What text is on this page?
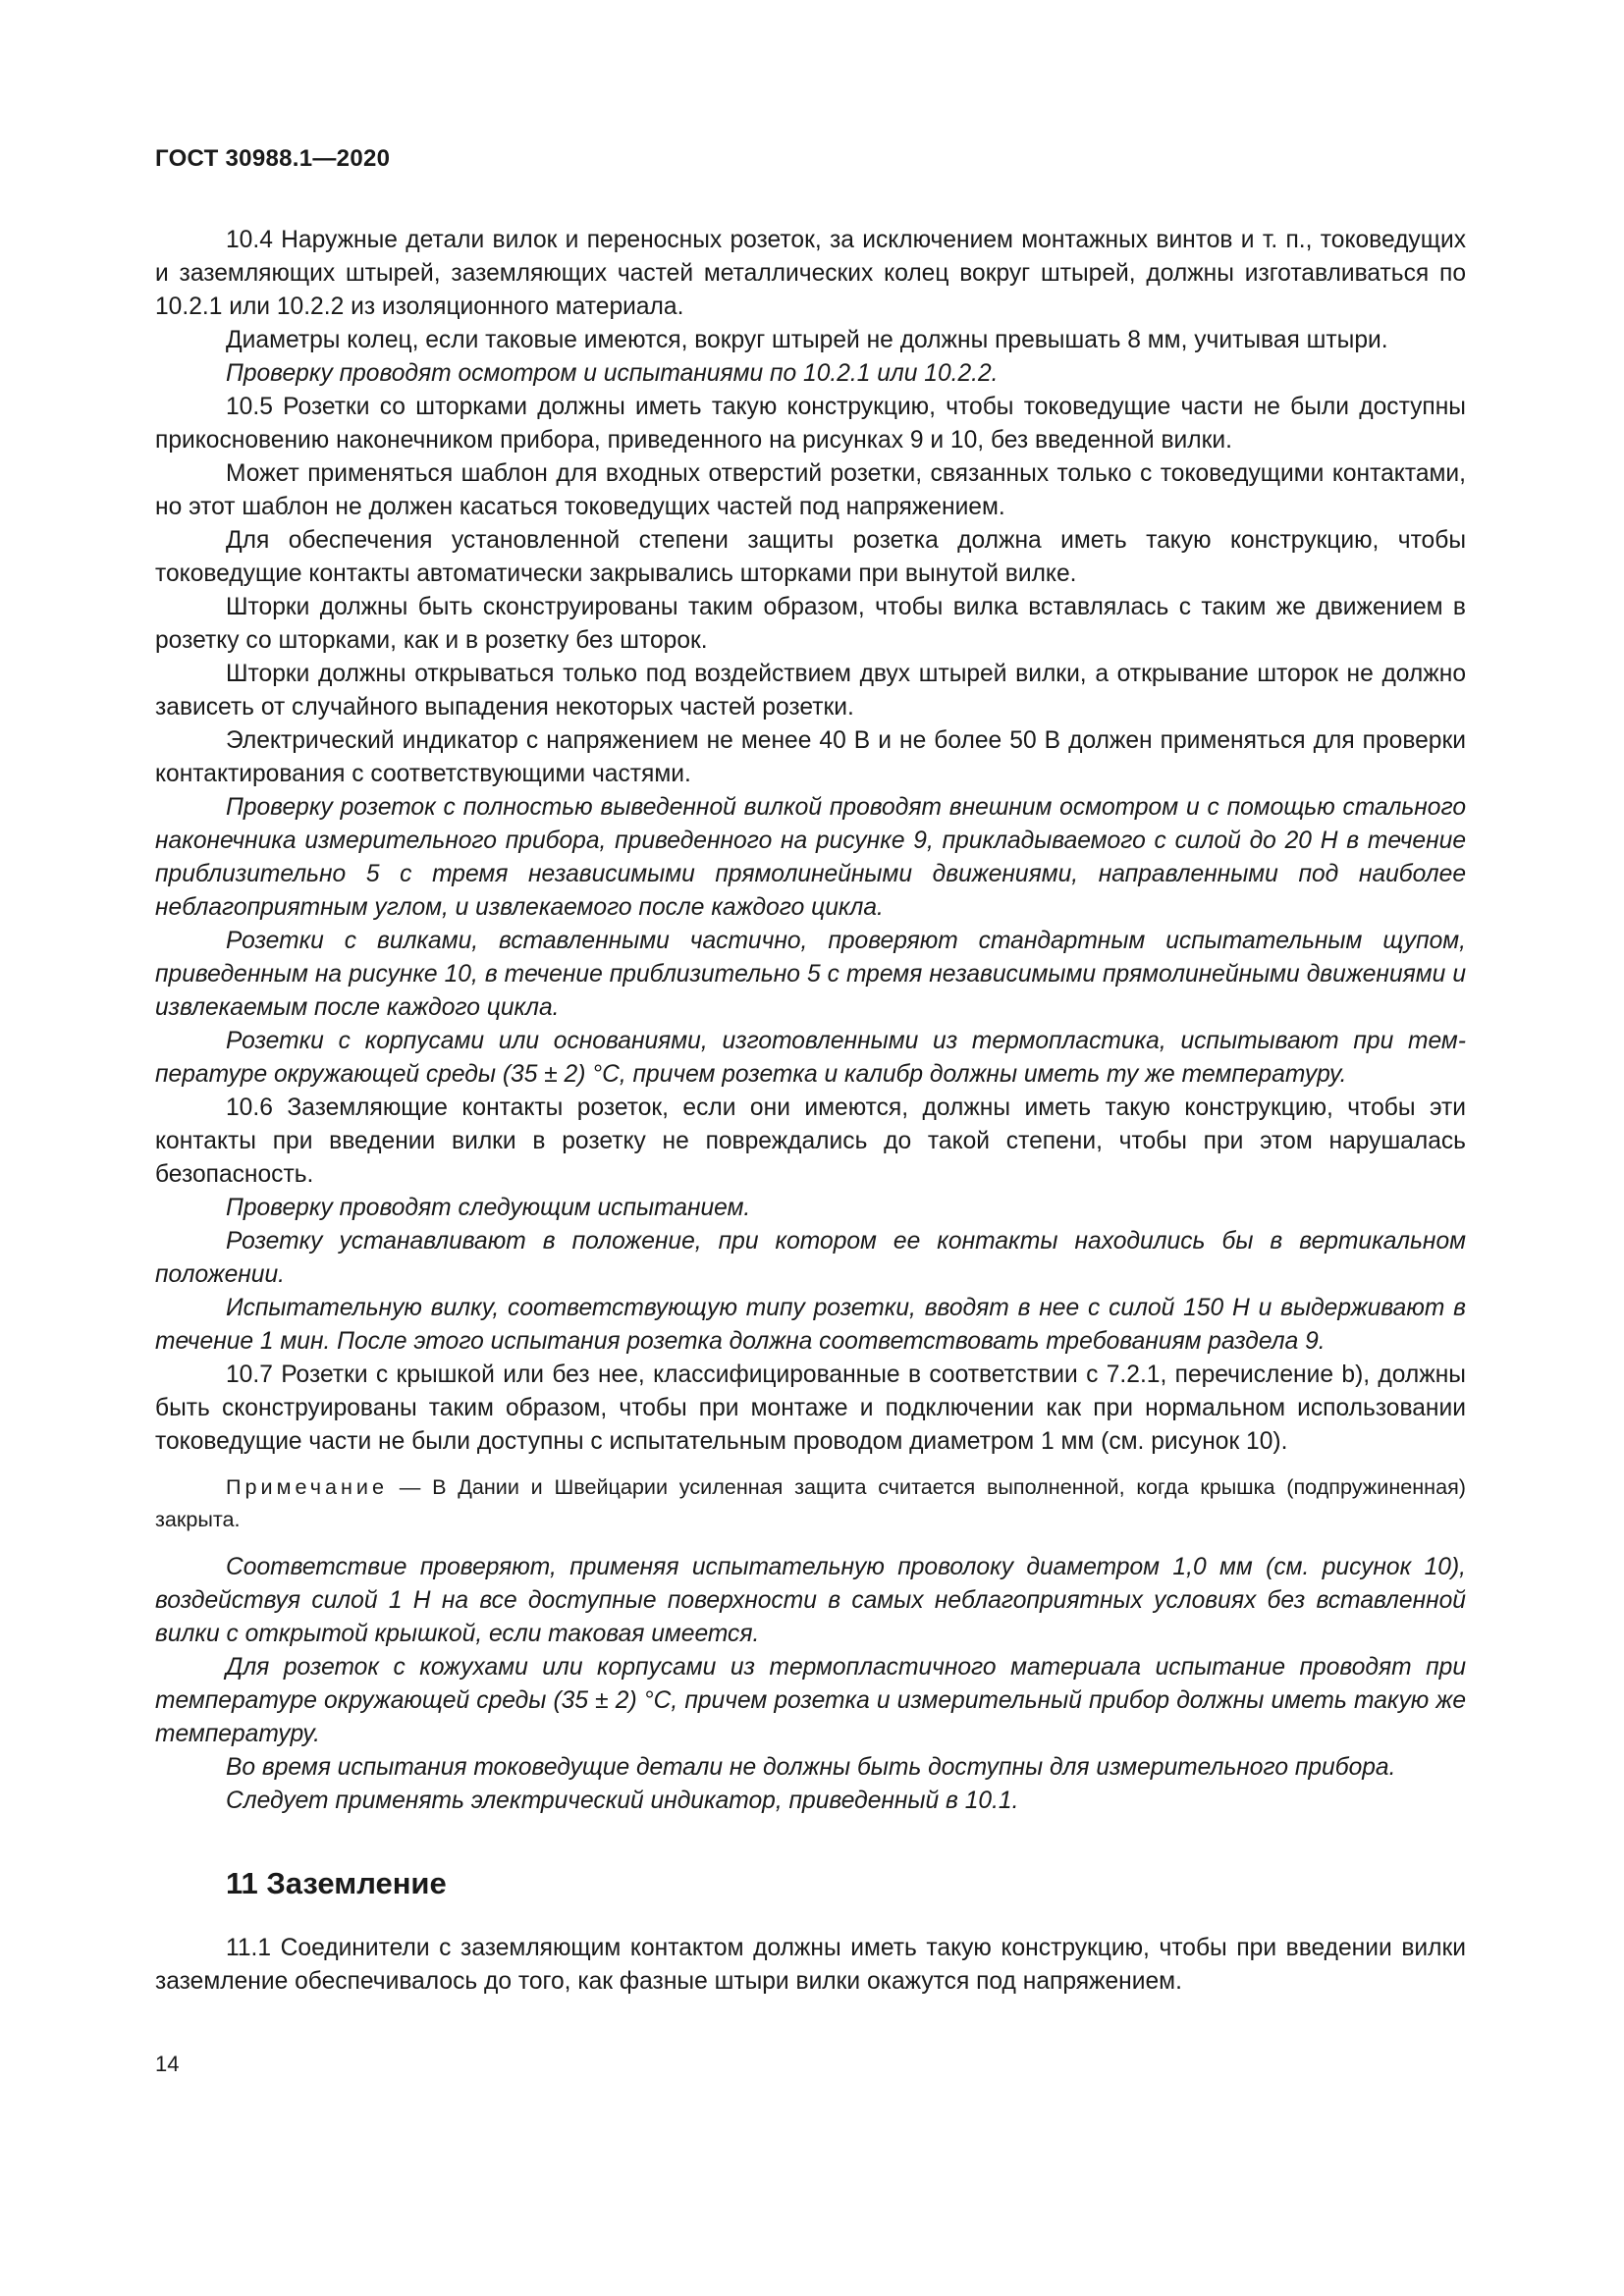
ГОСТ 30988.1—2020

10.4 Наружные детали вилок и переносных розеток, за исключением монтажных винтов и т. п., токоведущих и заземляющих штырей, заземляющих частей металлических колец вокруг штырей, должны изготавливаться по 10.2.1 или 10.2.2 из изоляционного материала.

Диаметры колец, если таковые имеются, вокруг штырей не должны превышать 8 мм, учитывая штыри.

Проверку проводят осмотром и испытаниями по 10.2.1 или 10.2.2.

10.5 Розетки со шторками должны иметь такую конструкцию, чтобы токоведущие части не были доступны прикосновению наконечником прибора, приведенного на рисунках 9 и 10, без введенной вилки.

Может применяться шаблон для входных отверстий розетки, связанных только с токоведущими контактами, но этот шаблон не должен касаться токоведущих частей под напряжением.

Для обеспечения установленной степени защиты розетка должна иметь такую конструкцию, чтобы токоведущие контакты автоматически закрывались шторками при вынутой вилке.

Шторки должны быть сконструированы таким образом, чтобы вилка вставлялась с таким же движением в розетку со шторками, как и в розетку без шторок.

Шторки должны открываться только под воздействием двух штырей вилки, а открывание шторок не должно зависеть от случайного выпадения некоторых частей розетки.

Электрический индикатор с напряжением не менее 40 В и не более 50 В должен применяться для проверки контактирования с соответствующими частями.

Проверку розеток с полностью выведенной вилкой проводят внешним осмотром и с помощью стального наконечника измерительного прибора, приведенного на рисунке 9, прикладываемого с силой до 20 Н в течение приблизительно 5 с тремя независимыми прямолинейными движениями, направленными под наиболее неблагоприятным углом, и извлекаемого после каждого цикла.

Розетки с вилками, вставленными частично, проверяют стандартным испытательным щупом, приведенным на рисунке 10, в течение приблизительно 5 с тремя независимыми прямолинейными движениями и извлекаемым после каждого цикла.

Розетки с корпусами или основаниями, изготовленными из термопластика, испытывают при температуре окружающей среды (35 ± 2) °С, причем розетка и калибр должны иметь ту же температуру.

10.6 Заземляющие контакты розеток, если они имеются, должны иметь такую конструкцию, чтобы эти контакты при введении вилки в розетку не повреждались до такой степени, чтобы при этом нарушалась безопасность.

Проверку проводят следующим испытанием.

Розетку устанавливают в положение, при котором ее контакты находились бы в вертикальном положении.

Испытательную вилку, соответствующую типу розетки, вводят в нее с силой 150 Н и выдерживают в течение 1 мин. После этого испытания розетка должна соответствовать требованиям раздела 9.

10.7 Розетки с крышкой или без нее, классифицированные в соответствии с 7.2.1, перечисление b), должны быть сконструированы таким образом, чтобы при монтаже и подключении как при нормальном использовании токоведущие части не были доступны с испытательным проводом диаметром 1 мм (см. рисунок 10).

Примечание — В Дании и Швейцарии усиленная защита считается выполненной, когда крышка (подпружиненная) закрыта.

Соответствие проверяют, применяя испытательную проволоку диаметром 1,0 мм (см. рисунок 10), воздействуя силой 1 Н на все доступные поверхности в самых неблагоприятных условиях без вставленной вилки с открытой крышкой, если таковая имеется.

Для розеток с кожухами или корпусами из термопластичного материала испытание проводят при температуре окружающей среды (35 ± 2) °С, причем розетка и измерительный прибор должны иметь такую же температуру.

Во время испытания токоведущие детали не должны быть доступны для измерительного прибора.

Следует применять электрический индикатор, приведенный в 10.1.

11 Заземление

11.1 Соединители с заземляющим контактом должны иметь такую конструкцию, чтобы при введении вилки заземление обеспечивалось до того, как фазные штыри вилки окажутся под напряжением.

14
